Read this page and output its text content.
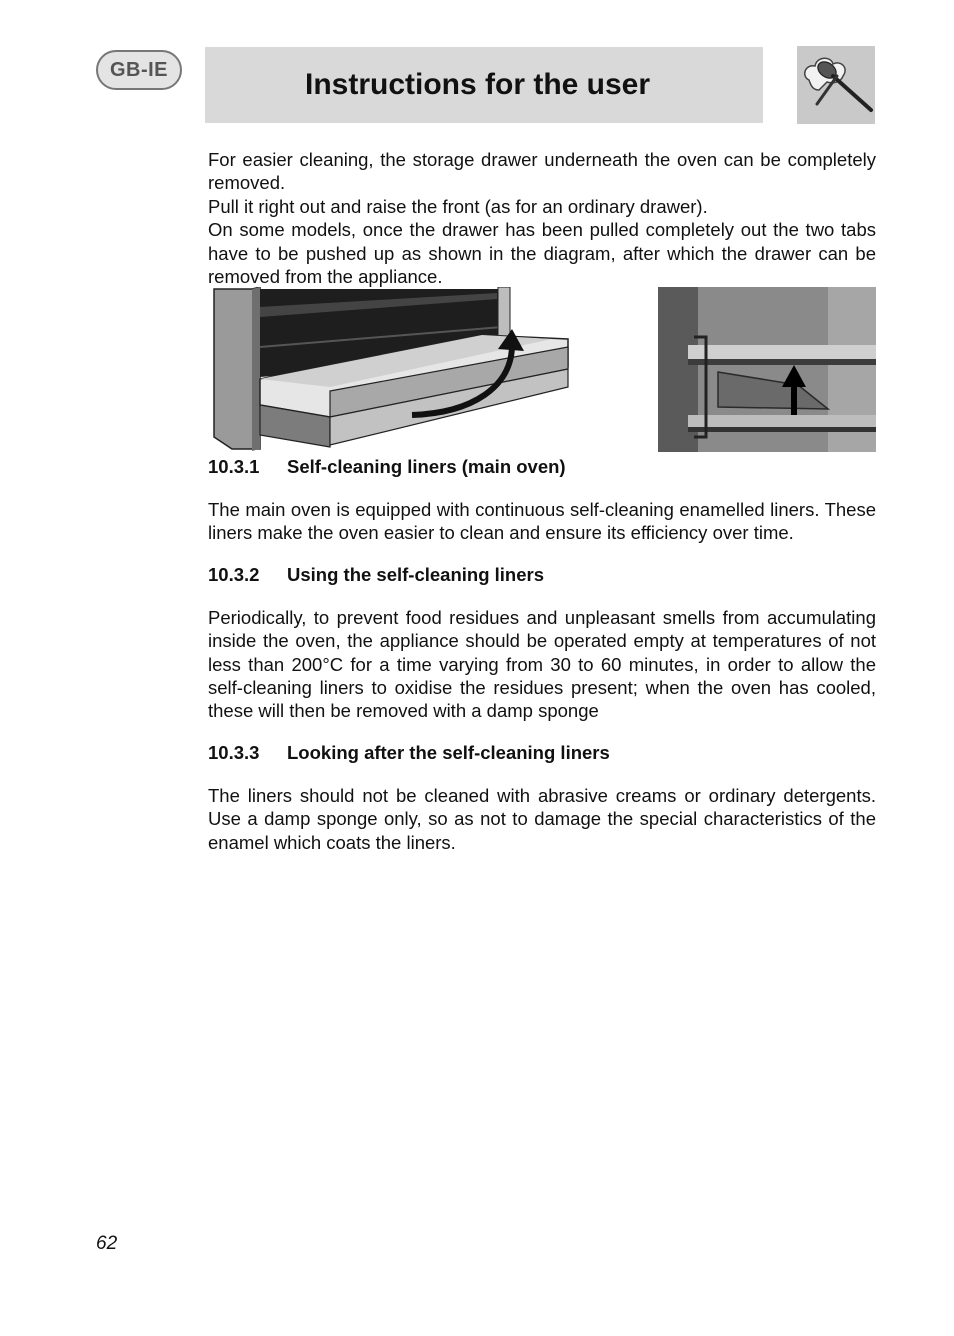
GB-IE	Instructions for the user

For easier cleaning, the storage drawer underneath the oven can be completely removed.

Pull it right out and raise the front (as for an ordinary drawer).

On some models, once the drawer has been pulled completely out the two tabs have to be pushed up as shown in the diagram, after which the drawer can be removed from the appliance.

10.3.1 Self-cleaning liners (main oven)

The main oven is equipped with continuous self-cleaning enamelled liners. These liners make the oven easier to clean and ensure its efficiency over time.

10.3.2 Using the self-cleaning liners

Periodically, to prevent food residues and unpleasant smells from accumulating inside the oven, the appliance should be operated empty at temperatures of not less than 200°C for a time varying from 30 to 60 minutes, in order to allow the self-cleaning liners to oxidise the residues present; when the oven has cooled, these will then be removed with a damp sponge

10.3.3 Looking after the self-cleaning liners

The liners should not be cleaned with abrasive creams or ordinary detergents. Use a damp sponge only, so as not to damage the special characteristics of the enamel which coats the liners.

62
